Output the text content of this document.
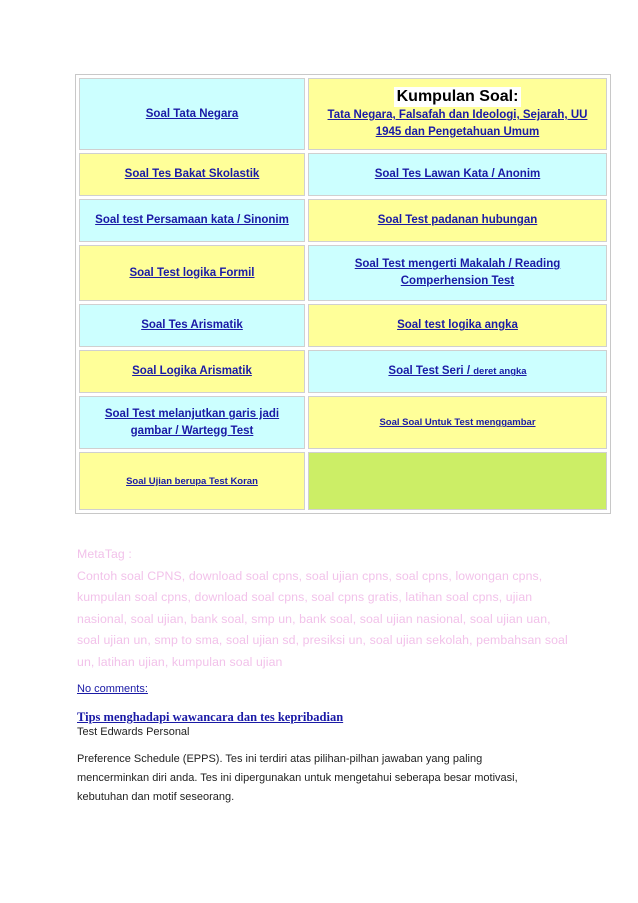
Soal Tata Negara	Kumpulan Soal:
Tata Negara, Falsafah dan Ideologi, Sejarah, UU 1945 dan Pengetahuan Umum
Soal Tes Bakat Skolastik	Soal Tes Lawan Kata / Anonim
Soal test Persamaan kata / Sinonim	Soal Test padanan hubungan
Soal Test logika Formil	Soal Test mengerti Makalah / Reading Comperhension Test
Soal Tes Arismatik	Soal test logika angka
Soal Logika Arismatik	Soal Test Seri / deret angka
Soal Test melanjutkan garis jadi gambar / Wartegg Test	Soal Soal Untuk Test menggambar
Soal Ujian berupa Test Koran	
MetaTag :
Contoh soal CPNS, download soal cpns, soal ujian cpns, soal cpns, lowongan cpns, kumpulan soal cpns, download soal cpns, soal cpns gratis, latihan soal cpns, ujian nasional, soal ujian, bank soal, smp un, bank soal, soal ujian nasional, soal ujian uan, soal ujian un, smp to sma, soal ujian sd, presiksi un, soal ujian sekolah, pembahsan soal un, latihan ujian, kumpulan soal ujian
No comments:
Tips menghadapi wawancara dan tes kepribadian
Test Edwards Personal
Preference Schedule (EPPS). Tes ini terdiri atas pilihan-pilhan jawaban yang paling mencerminkan diri anda. Tes ini dipergunakan untuk mengetahui seberapa besar motivasi, kebutuhan dan motif seseorang.
